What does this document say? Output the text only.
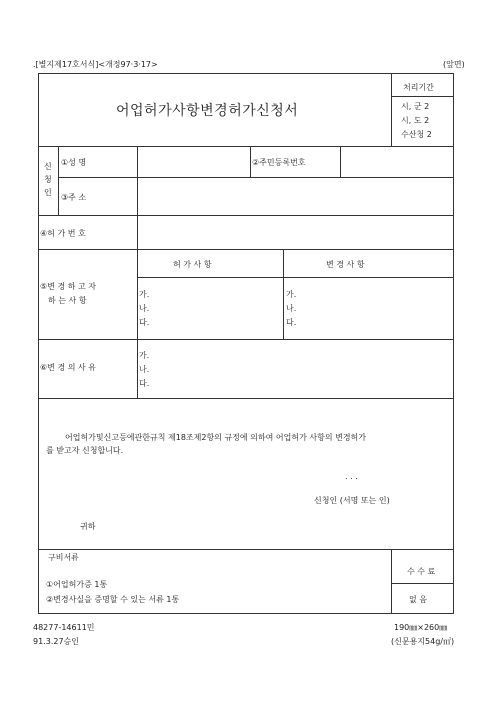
.[별지제17호서식]<개정97·3·17>	(앞면)
어업허가사항변경허가신청서
처리기간
시, 군 2
시, 도 2
수산청 2
신
청
인
①성 명	②주민등록번호
③주 소
④허 가 번 호
⑤변 경 하 고 자
하 는 사 항
허 가 사 항	변 경 사 항
가.
나.
다.
가.
나.
다.
⑥변 경 의 사 유
가.
나.
다.
어업허가및신고등에관한규칙 제18조제2항의 규정에 의하여 어업허가 사항의 변경허가
를 받고자 신청합니다.
. . .
신청인 (서명 또는 인)
귀하
구비서류
①어업허가증 1통
②변경사실을 증명할 수 있는 서류 1통
수 수 료
없 음
48277-14611민
91.3.27승인
190㎜×260㎜
(신문용지54g/㎡)
